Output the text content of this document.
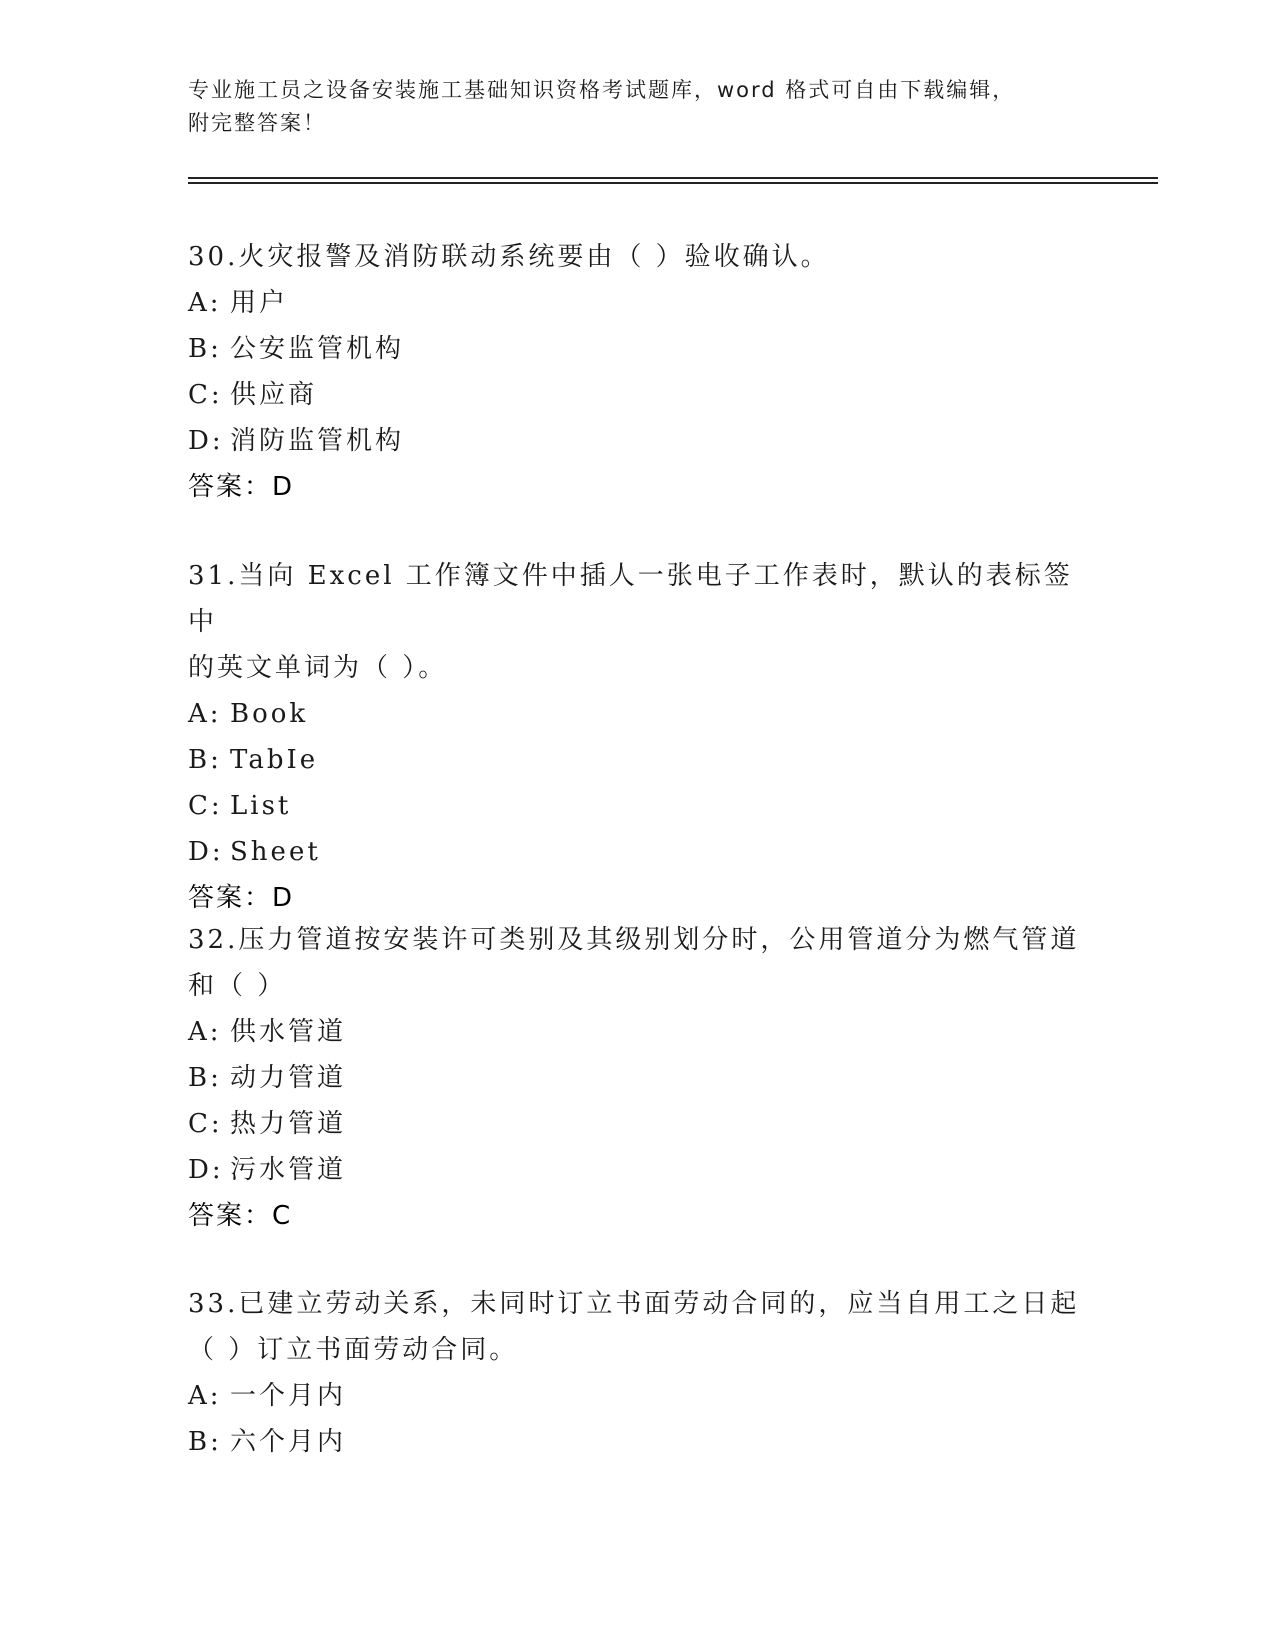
专业施工员之设备安装施工基础知识资格考试题库，word 格式可自由下载编辑，
附完整答案！
30.火灾报警及消防联动系统要由（ ）验收确认。
A: 用户
B: 公安监管机构
C: 供应商
D: 消防监管机构
答案：D
31.当向 Excel 工作簿文件中插人一张电子工作表时，默认的表标签中
的英文单词为（ ）。
A: Book
B: TabIe
C: List
D: Sheet
答案：D
32.压力管道按安装许可类别及其级别划分时，公用管道分为燃气管道
和（ ）
A: 供水管道
B: 动力管道
C: 热力管道
D: 污水管道
答案：C
33.已建立劳动关系，未同时订立书面劳动合同的，应当自用工之日起
（ ）订立书面劳动合同。
A: 一个月内
B: 六个月内
